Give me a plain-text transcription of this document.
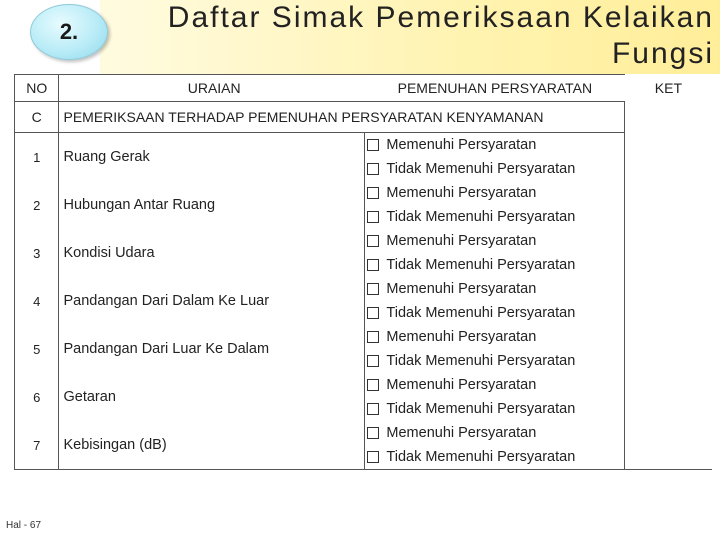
2.	Daftar Simak Pemeriksaan Kelaikan
Fungsi
NO	URAIAN	PEMENUHAN PERSYARATAN	KET
C	PEMERIKSAAN TERHADAP PEMENUHAN PERSYARATAN KENYAMANAN		
1	Ruang Gerak	Memenuhi Persyaratan
Tidak Memenuhi Persyaratan	

2	Hubungan Antar Ruang	Memenuhi Persyaratan
Tidak Memenuhi Persyaratan	

3	Kondisi Udara	Memenuhi Persyaratan
Tidak Memenuhi Persyaratan	

4	Pandangan Dari Dalam Ke Luar	Memenuhi Persyaratan
Tidak Memenuhi Persyaratan	

5	Pandangan Dari Luar Ke Dalam	Memenuhi Persyaratan
Tidak Memenuhi Persyaratan	

6	Getaran	Memenuhi Persyaratan
Tidak Memenuhi Persyaratan	

7	Kebisingan (dB)	Memenuhi Persyaratan
Tidak Memenuhi Persyaratan	

Hal - 67
